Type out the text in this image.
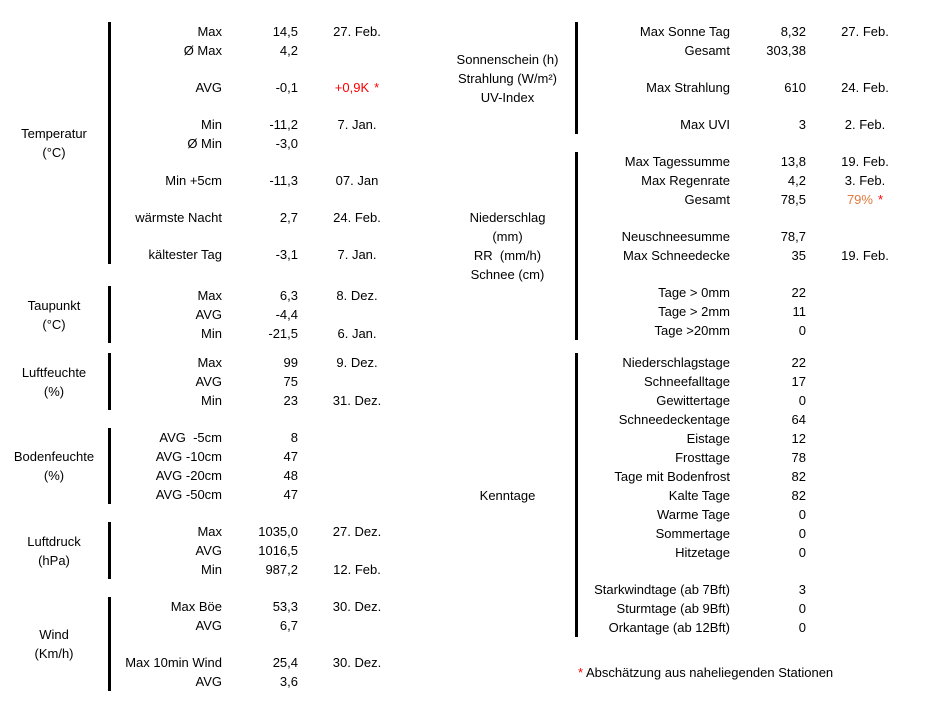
Temperatur
(°C)
Max	14,5	27. Feb.
Ø Max	4,2
AVG	-0,1	+0,9K *
Min	-11,2	7. Jan.
Ø Min	-3,0
Min +5cm	-11,3	07. Jan
wärmste Nacht	2,7	24. Feb.
kältester Tag	-3,1	7. Jan.
Taupunkt
(°C)
Max	6,3	8. Dez.
AVG	-4,4
Min	-21,5	6. Jan.
Luftfeuchte
(%)
Max	99	9. Dez.
AVG	75
Min	23	31. Dez.
Bodenfeuchte
(%)
AVG  -5cm	8
AVG -10cm	47
AVG -20cm	48
AVG -50cm	47
Luftdruck
(hPa)
Max	1035,0	27. Dez.
AVG	1016,5
Min	987,2	12. Feb.
Wind
(Km/h)
Max Böe	53,3	30. Dez.
AVG	6,7
Max 10min Wind	25,4	30. Dez.
AVG	3,6
Sonnenschein (h)
Strahlung (W/m²)
UV-Index
Max Sonne Tag	8,32	27. Feb.
Gesamt	303,38
Max Strahlung	610	24. Feb.
Max UVI	3	2. Feb.
Niederschlag
(mm)
RR  (mm/h)
Schnee (cm)
Max Tagessumme	13,8	19. Feb.
Max Regenrate	4,2	3. Feb.
Gesamt	78,5	79% *
Neuschneesumme	78,7
Max Schneedecke	35	19. Feb.
Tage > 0mm	22
Tage > 2mm	11
Tage >20mm	0
Kenntage
Niederschlagstage	22
Schneefalltage	17
Gewittertage	0
Schneedeckentage	64
Eistage	12
Frosttage	78
Tage mit Bodenfrost	82
Kalte Tage	82
Warme Tage	0
Sommertage	0
Hitzetage	0
Starkwindtage (ab 7Bft)	3
Sturmtage (ab 9Bft)	0
Orkantage (ab 12Bft)	0
* Abschätzung aus naheliegenden Stationen
